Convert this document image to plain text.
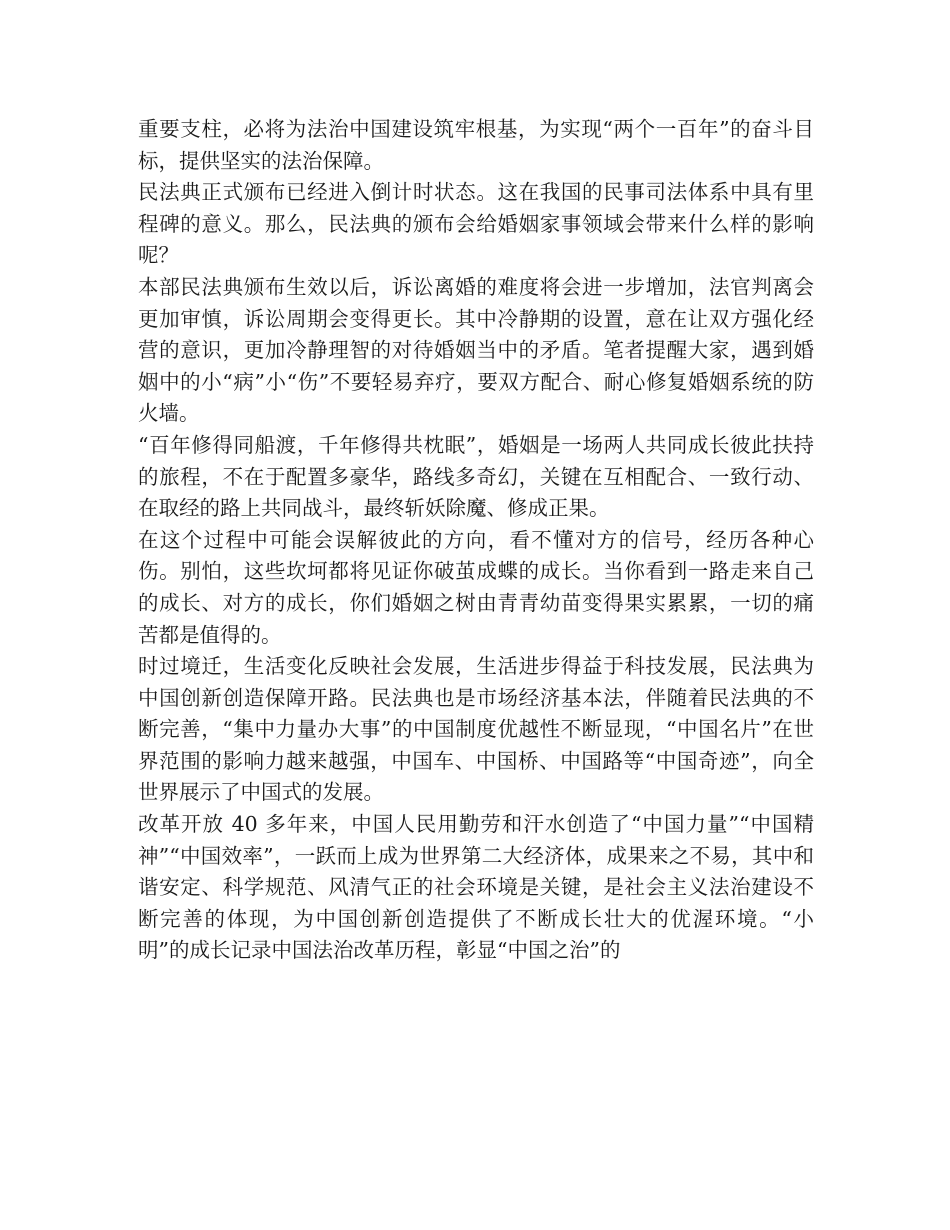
重要支柱，必将为法治中国建设筑牢根基，为实现“两个一百年”的奋斗目标，提供坚实的法治保障。

民法典正式颁布已经进入倒计时状态。这在我国的民事司法体系中具有里程碑的意义。那么，民法典的颁布会给婚姻家事领域会带来什么样的影响呢？

本部民法典颁布生效以后，诉讼离婚的难度将会进一步增加，法官判离会更加审慎，诉讼周期会变得更长。其中冷静期的设置，意在让双方强化经营的意识，更加冷静理智的对待婚姻当中的矛盾。笔者提醒大家，遇到婚姻中的小“病”小“伤”不要轻易弃疗，要双方配合、耐心修复婚姻系统的防火墙。

“百年修得同船渡，千年修得共枕眠”，婚姻是一场两人共同成长彼此扶持的旅程，不在于配置多豪华，路线多奇幻，关键在互相配合、一致行动、在取经的路上共同战斗，最终斩妖除魔、修成正果。

在这个过程中可能会误解彼此的方向，看不懂对方的信号，经历各种心伤。别怕，这些坎坷都将见证你破茧成蝶的成长。当你看到一路走来自己的成长、对方的成长，你们婚姻之树由青青幼苗变得果实累累，一切的痛苦都是值得的。

时过境迁，生活变化反映社会发展，生活进步得益于科技发展，民法典为中国创新创造保障开路。民法典也是市场经济基本法，伴随着民法典的不断完善，“集中力量办大事”的中国制度优越性不断显现，“中国名片”在世界范围的影响力越来越强，中国车、中国桥、中国路等“中国奇迹”，向全世界展示了中国式的发展。

改革开放 40 多年来，中国人民用勤劳和汗水创造了“中国力量”“中国精神”“中国效率”，一跃而上成为世界第二大经济体，成果来之不易，其中和谐安定、科学规范、风清气正的社会环境是关键，是社会主义法治建设不断完善的体现，为中国创新创造提供了不断成长壮大的优渥环境。“小明”的成长记录中国法治改革历程，彰显“中国之治”的
